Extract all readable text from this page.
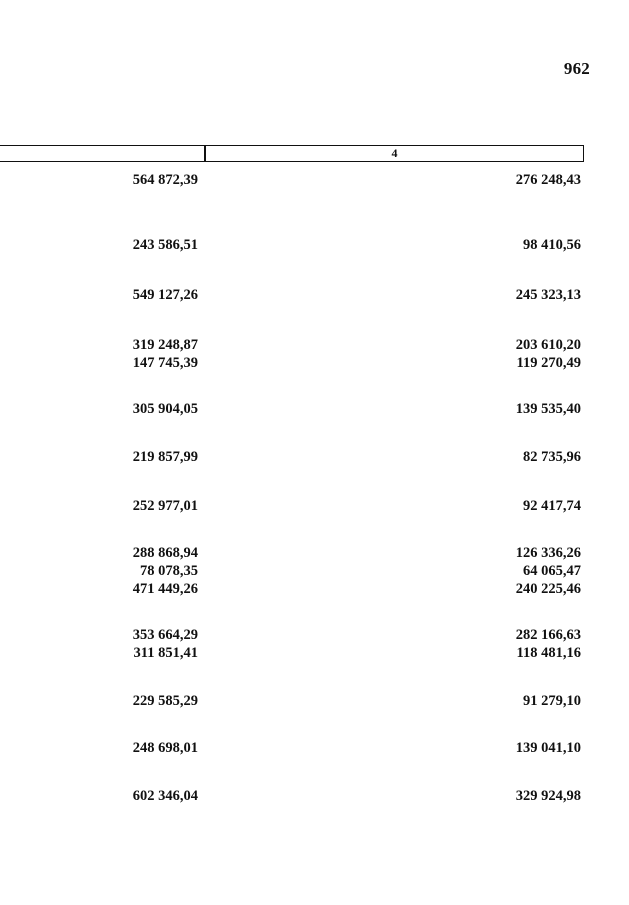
962
4
564 872,39	276 248,43
243 586,51	98 410,56
549 127,26	245 323,13
319 248,87	203 610,20
147 745,39	119 270,49
305 904,05	139 535,40
219 857,99	82 735,96
252 977,01	92 417,74
288 868,94	126 336,26
78 078,35	64 065,47
471 449,26	240 225,46
353 664,29	282 166,63
311 851,41	118 481,16
229 585,29	91 279,10
248 698,01	139 041,10
602 346,04	329 924,98
